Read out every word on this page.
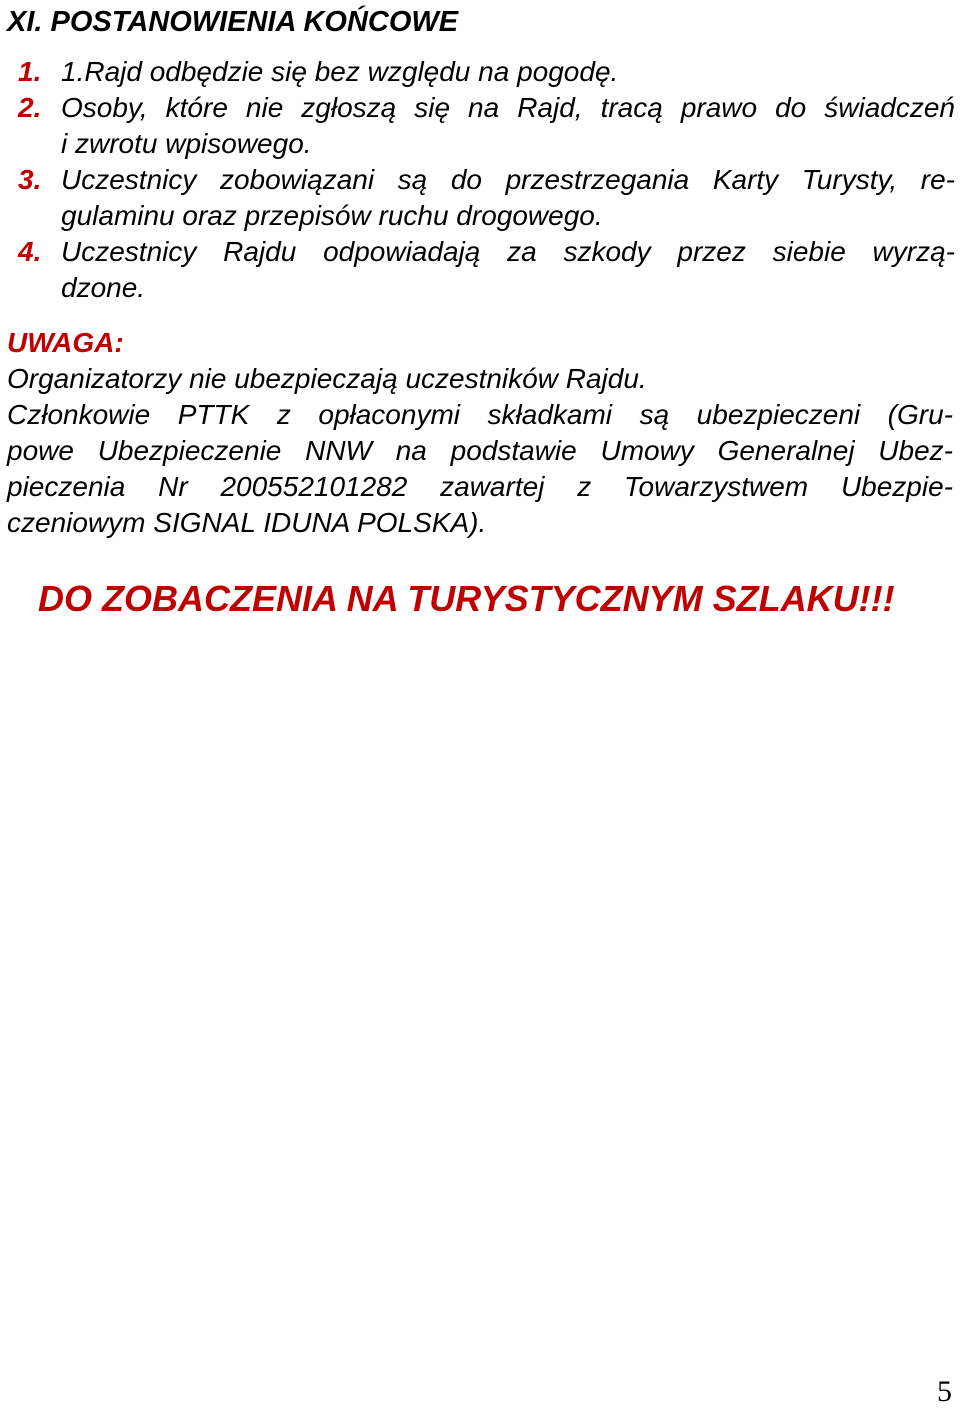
XI. POSTANOWIENIA KOŃCOWE
1. 1.Rajd odbędzie się bez względu na pogodę.
2. Osoby, które nie zgłoszą się na Rajd, tracą prawo do świadczeń
i zwrotu wpisowego.
3. Uczestnicy zobowiązani są do przestrzegania Karty Turysty, re-
gulaminu oraz przepisów ruchu drogowego.
4. Uczestnicy Rajdu odpowiadają za szkody przez siebie wyrzą-
dzone.
UWAGA:
Organizatorzy nie ubezpieczają uczestników Rajdu.
Członkowie PTTK z opłaconymi składkami są ubezpieczeni (Gru-
powe Ubezpieczenie NNW na podstawie Umowy Generalnej Ubez-
pieczenia Nr 200552101282 zawartej z Towarzystwem Ubezpie-
czeniowym SIGNAL IDUNA POLSKA).
DO ZOBACZENIA NA TURYSTYCZNYM SZLAKU!!!
5
